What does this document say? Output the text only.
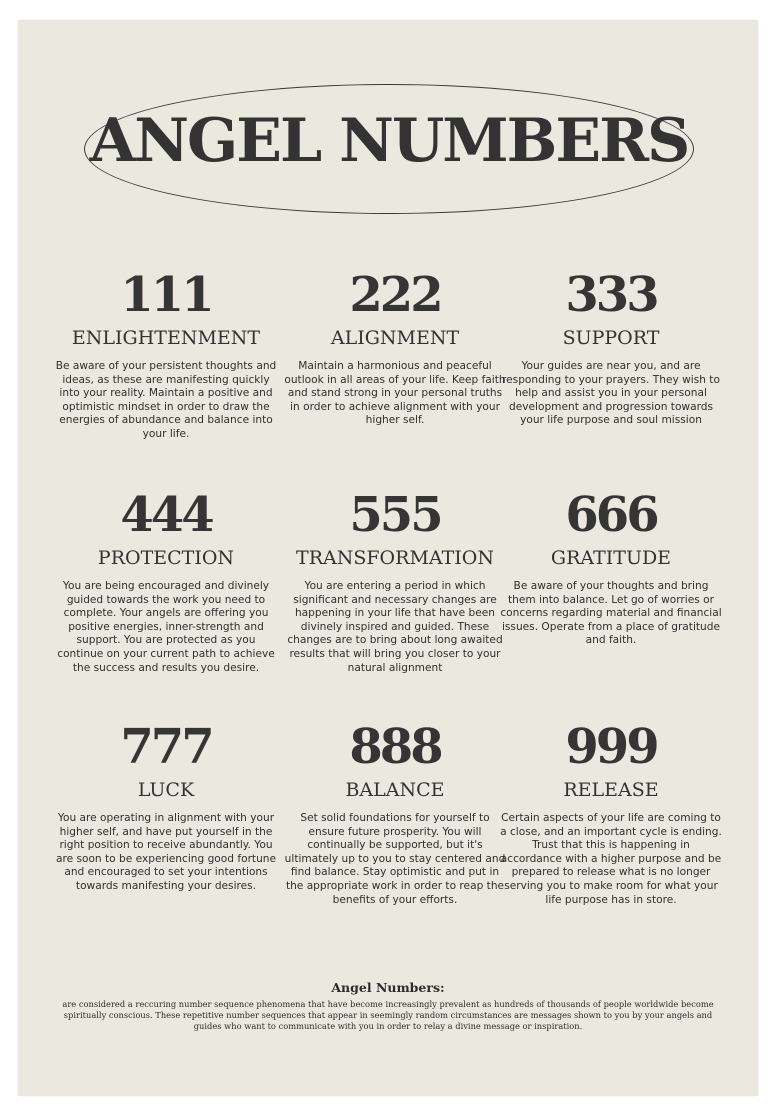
ANGEL NUMBERS
111
ENLIGHTENMENT
Be aware of your persistent thoughts and ideas, as these are manifesting quickly into your reality. Maintain a positive and optimistic mindset in order to draw the energies of abundance and balance into your life.
222
ALIGNMENT
Maintain a harmonious and peaceful outlook in all areas of your life. Keep faith and stand strong in your personal truths in order to achieve alignment with your higher self.
333
SUPPORT
Your guides are near you, and are responding to your prayers. They wish to help and assist you in your personal development and progression towards your life purpose and soul mission
444
PROTECTION
You are being encouraged and divinely guided towards the work you need to complete. Your angels are offering you positive energies, inner-strength and support. You are protected as you continue on your current path to achieve the success and results you desire.
555
TRANSFORMATION
You are entering a period in which significant and necessary changes are happening in your life that have been divinely inspired and guided. These changes are to bring about long awaited results that will bring you closer to your natural alignment
666
GRATITUDE
Be aware of your thoughts and bring them into balance. Let go of worries or concerns regarding material and financial issues. Operate from a place of gratitude and faith.
777
LUCK
You are operating in alignment with your higher self, and have put yourself in the right position to receive abundantly. You are soon to be experiencing good fortune and encouraged to set your intentions towards manifesting your desires.
888
BALANCE
Set solid foundations for yourself to ensure future prosperity. You will continually be supported, but it's ultimately up to you to stay centered and find balance. Stay optimistic and put in the appropriate work in order to reap the benefits of your efforts.
999
RELEASE
Certain aspects of your life are coming to a close, and an important cycle is ending. Trust that this is happening in accordance with a higher purpose and be prepared to release what is no longer serving you to make room for what your life purpose has in store.
Angel Numbers:
are considered a reccuring number sequence phenomena that have become increasingly prevalent as hundreds of thousands of people worldwide become spiritually conscious. These repetitive number sequences that appear in seemingly random circumstances are messages shown to you by your angels and guides who want to communicate with you in order to relay a divine message or inspiration.
